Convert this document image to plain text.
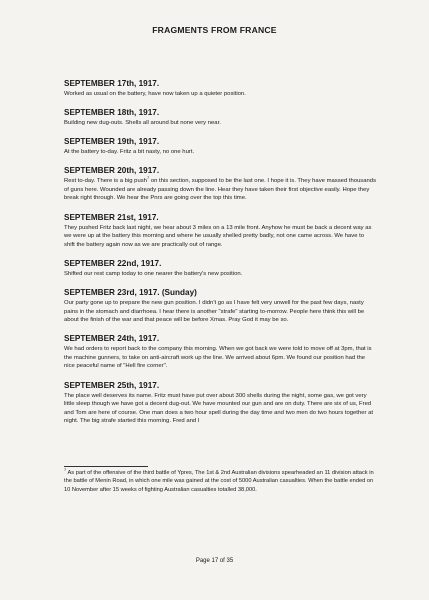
FRAGMENTS FROM FRANCE
SEPTEMBER 17th, 1917.
Worked as usual on the battery, have now taken up a quieter position.
SEPTEMBER 18th, 1917.
Building new dug-outs. Shells all around but none very near.
SEPTEMBER 19th, 1917.
At the battery to-day. Fritz a bit nasty, no one hurt.
SEPTEMBER 20th, 1917.
Rest to-day. There is a big push$^7$ on this section, supposed to be the last one. I hope it is. They have massed thousands of guns here. Wounded are already passing down the line. Hear they have taken their first objective easily. Hope they break right through. We hear the Pnrs are going over the top this time.
SEPTEMBER 21st, 1917.
They pushed Fritz back last night, we hear about 3 miles on a 13 mile front. Anyhow he must be back a decent way as we were up at the battery this morning and where he usually shelled pretty badly, not one came across. We have to shift the battery again now as we are practically out of range.
SEPTEMBER 22nd, 1917.
Shifted our rest camp today to one nearer the battery's new position.
SEPTEMBER 23rd, 1917. (Sunday)
Our party gone up to prepare the new gun position. I didn't go as I have felt very unwell for the past few days, nasty pains in the stomach and diarrhoea. I hear there is another "strafe" starting to-morrow. People here think this will be about the finish of the war and that peace will be before Xmas. Pray God it may be so.
SEPTEMBER 24th, 1917.
We had orders to report back to the company this morning. When we got back we were told to move off at 3pm, that is the machine gunners, to take on anti-aircraft work up the line. We arrived about 6pm. We found our position had the nice peaceful name of "Hell fire corner".
SEPTEMBER 25th, 1917.
The place well deserves its name. Fritz must have put over about 300 shells during the night, some gas, we got very little sleep though we have got a decent dug-out. We have mounted our gun and are on duty. There are six of us, Fred and Tom are here of course. One man does a two hour spell during the day time and two men do two hours together at night. The big strafe started this morning. Fred and I
$^7$ As part of the offensive of the third battle of Ypres, The 1st & 2nd Australian divisions spearheaded an 11 division attack in the battle of Menin Road, in which one mile was gained at the cost of 5000 Australian casualties. When the battle ended on 10 November after 15 weeks of fighting Australian casualties totalled 38,000.
Page 17 of 35
